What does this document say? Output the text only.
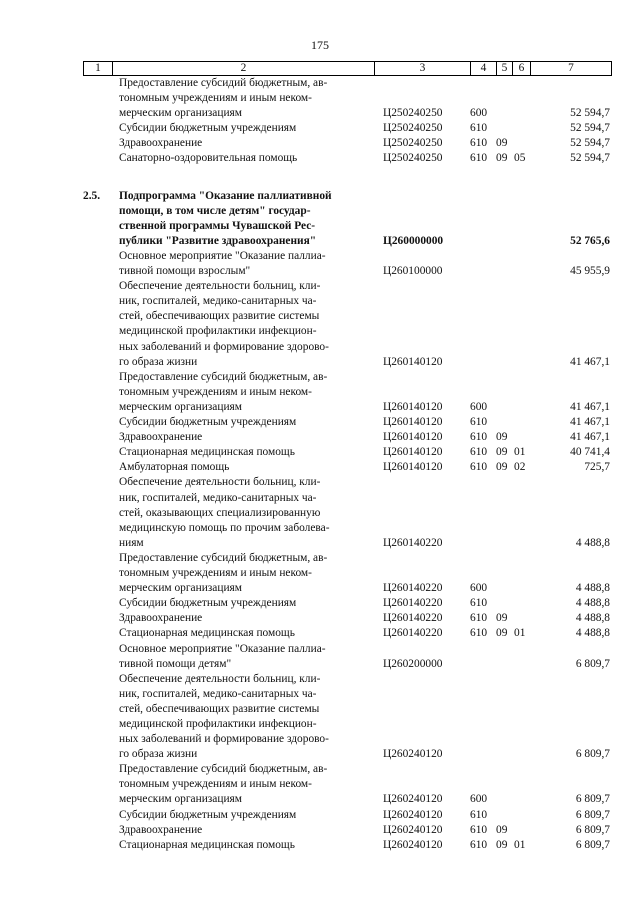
175
1	2	3	4	5	6	7
Предоставление субсидий бюджетным, ав-
тономным учреждениям и иным неком-
мерческим организациям	Ц250240250	600	52 594,7
Субсидии бюджетным учреждениям	Ц250240250	610	52 594,7
Здравоохранение	Ц250240250	610 09	52 594,7
Санаторно-оздоровительная помощь	Ц250240250	610 09 05	52 594,7
2.5.	Подпрограмма "Оказание паллиативной
помощи, в том числе детям" государ-
ственной программы Чувашской Рес-
публики "Развитие здравоохранения"	Ц260000000	52 765,6
Основное мероприятие "Оказание паллиа-
тивной помощи взрослым"	Ц260100000	45 955,9
Обеспечение деятельности больниц, кли-
ник, госпиталей, медико-санитарных ча-
стей, обеспечивающих развитие системы
медицинской профилактики инфекцион-
ных заболеваний и формирование здорово-
го образа жизни	Ц260140120	41 467,1
Предоставление субсидий бюджетным, ав-
тономным учреждениям и иным неком-
мерческим организациям	Ц260140120	600	41 467,1
Субсидии бюджетным учреждениям	Ц260140120	610	41 467,1
Здравоохранение	Ц260140120	610 09	41 467,1
Стационарная медицинская помощь	Ц260140120	610 09 01	40 741,4
Амбулаторная помощь	Ц260140120	610 09 02	725,7
Обеспечение деятельности больниц, кли-
ник, госпиталей, медико-санитарных ча-
стей, оказывающих специализированную
медицинскую помощь по прочим заболева-
ниям	Ц260140220	4 488,8
Предоставление субсидий бюджетным, ав-
тономным учреждениям и иным неком-
мерческим организациям	Ц260140220	600	4 488,8
Субсидии бюджетным учреждениям	Ц260140220	610	4 488,8
Здравоохранение	Ц260140220	610 09	4 488,8
Стационарная медицинская помощь	Ц260140220	610 09 01	4 488,8
Основное мероприятие "Оказание паллиа-
тивной помощи детям"	Ц260200000	6 809,7
Обеспечение деятельности больниц, кли-
ник, госпиталей, медико-санитарных ча-
стей, обеспечивающих развитие системы
медицинской профилактики инфекцион-
ных заболеваний и формирование здорово-
го образа жизни	Ц260240120	6 809,7
Предоставление субсидий бюджетным, ав-
тономным учреждениям и иным неком-
мерческим организациям	Ц260240120	600	6 809,7
Субсидии бюджетным учреждениям	Ц260240120	610	6 809,7
Здравоохранение	Ц260240120	610 09	6 809,7
Стационарная медицинская помощь	Ц260240120	610 09 01	6 809,7
